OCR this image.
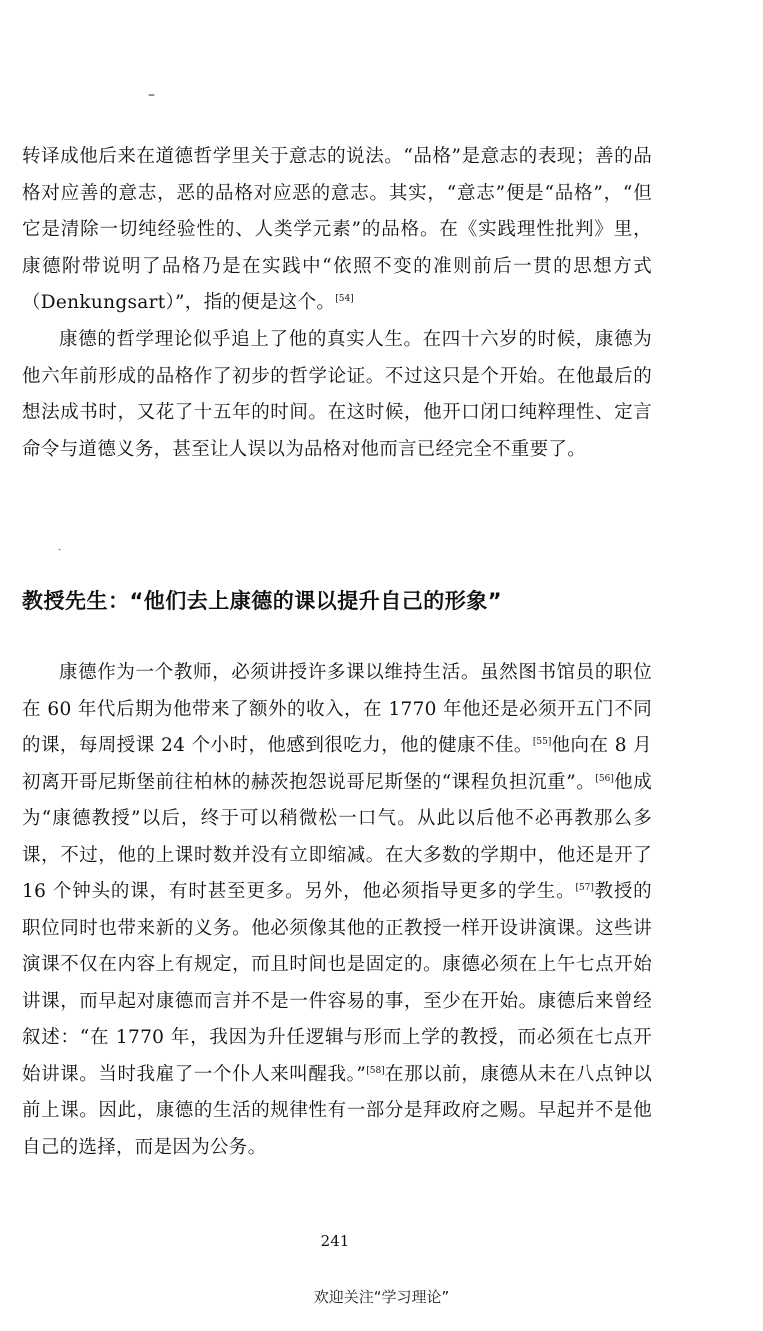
–

转译成他后来在道德哲学里关于意志的说法。“品格”是意志的表现；善的品格对应善的意志，恶的品格对应恶的意志。其实，“意志”便是“品格”，“但它是清除一切纯经验性的、人类学元素”的品格。在《实践理性批判》里，康德附带说明了品格乃是在实践中“依照不变的准则前后一贯的思想方式（Denkungsart）”，指的便是这个。[54]

康德的哲学理论似乎追上了他的真实人生。在四十六岁的时候，康德为他六年前形成的品格作了初步的哲学论证。不过这只是个开始。在他最后的想法成书时，又花了十五年的时间。在这时候，他开口闭口纯粹理性、定言命令与道德义务，甚至让人误以为品格对他而言已经完全不重要了。

ˎ
教授先生：“他们去上康德的课以提升自己的形象”

康德作为一个教师，必须讲授许多课以维持生活。虽然图书馆员的职位在 60 年代后期为他带来了额外的收入，在 1770 年他还是必须开五门不同的课，每周授课 24 个小时，他感到很吃力，他的健康不佳。[55]他向在 8 月初离开哥尼斯堡前往柏林的赫茨抱怨说哥尼斯堡的“课程负担沉重”。[56]他成为“康德教授”以后，终于可以稍微松一口气。从此以后他不必再教那么多课，不过，他的上课时数并没有立即缩减。在大多数的学期中，他还是开了 16 个钟头的课，有时甚至更多。另外，他必须指导更多的学生。[57]教授的职位同时也带来新的义务。他必须像其他的正教授一样开设讲演课。这些讲演课不仅在内容上有规定，而且时间也是固定的。康德必须在上午七点开始讲课，而早起对康德而言并不是一件容易的事，至少在开始。康德后来曾经叙述：“在 1770 年，我因为升任逻辑与形而上学的教授，而必须在七点开始讲课。当时我雇了一个仆人来叫醒我。”[58]在那以前，康德从未在八点钟以前上课。因此，康德的生活的规律性有一部分是拜政府之赐。早起并不是他自己的选择，而是因为公务。

241
欢迎关注“学习理论”
